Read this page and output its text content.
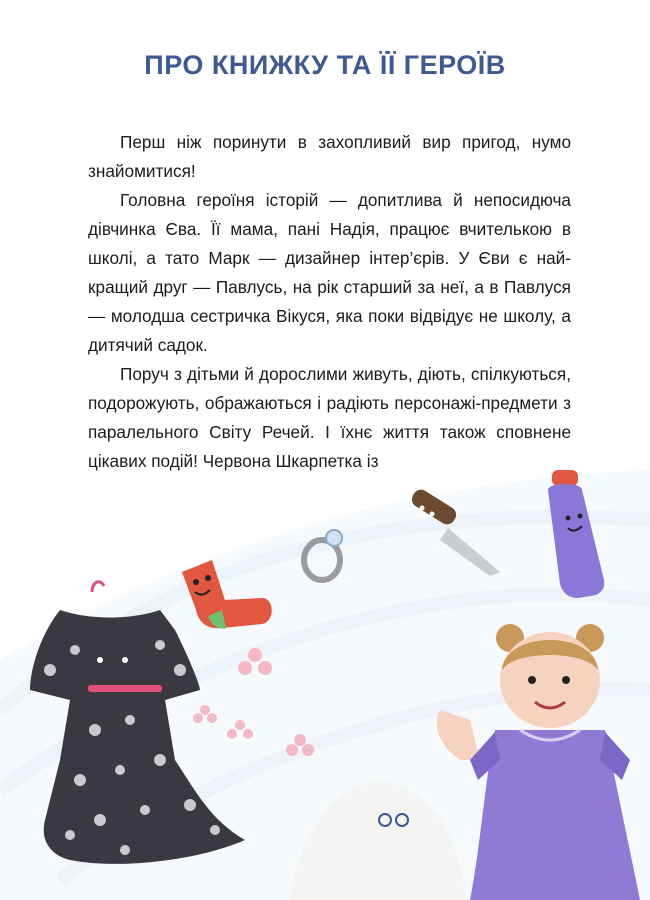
ПРО КНИЖКУ ТА ЇЇ ГЕРОЇВ

Перш ніж поринути в захопливий вир пригод, нумо знайомитися!

Головна героїня історій — допитлива й непосидюча дівчинка Єва. Її мама, пані Надія, працює вчителькою в школі, а тато Марк — дизайнер інтер’єрів. У Єви є найкращий друг — Павлусь, на рік старший за неї, а в Павлуся — молодша сестричка Вікуся, яка поки відвідує не школу, а дитячий садок.

Поруч з дітьми й дорослими живуть, діють, спілкуються, подорожують, ображаються і радіють персонажі-предмети з паралельного Світу Речей. І їхнє життя також сповнене цікавих подій! Червона Шкарпетка із
